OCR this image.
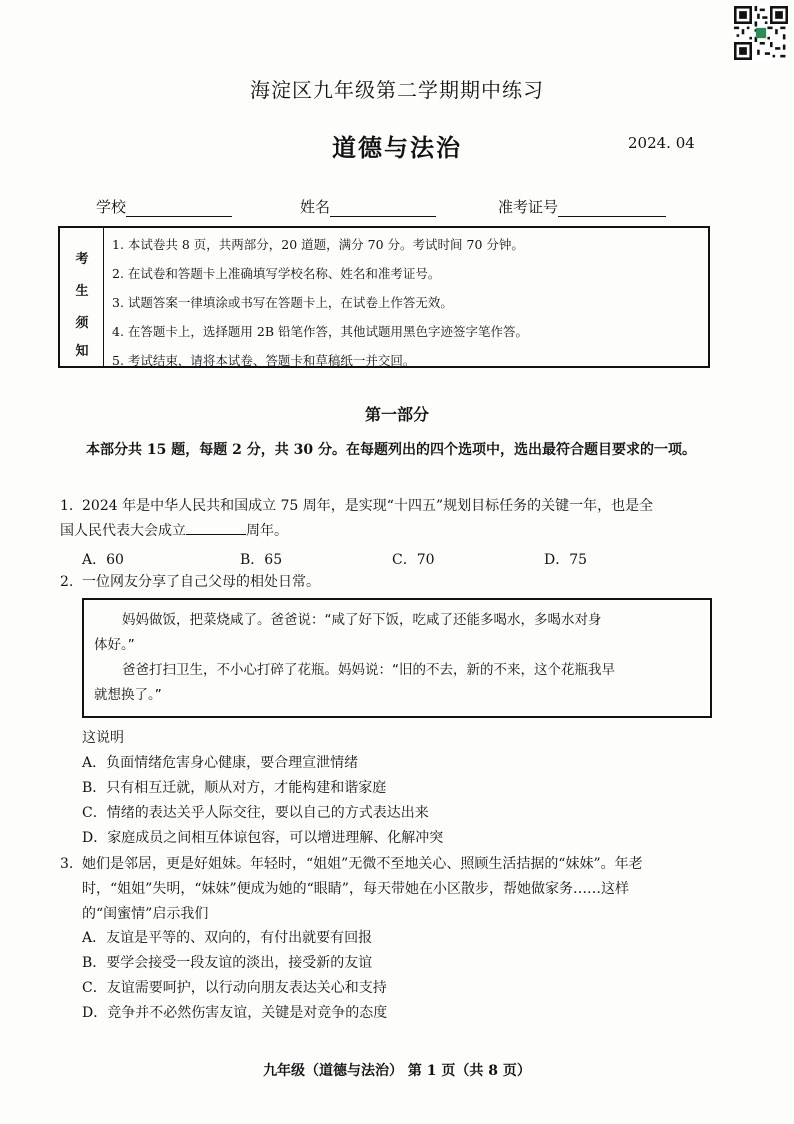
海淀区九年级第二学期期中练习
道德与法治	2024. 04
学校	姓名	准考证号
考
生
须
知
1. 本试卷共 8 页，共两部分，20 道题，满分 70 分。考试时间 70 分钟。
2. 在试卷和答题卡上准确填写学校名称、姓名和准考证号。
3. 试题答案一律填涂或书写在答题卡上，在试卷上作答无效。
4. 在答题卡上，选择题用 2B 铅笔作答，其他试题用黑色字迹签字笔作答。
5. 考试结束，请将本试卷、答题卡和草稿纸一并交回。
第一部分
本部分共 15 题，每题 2 分，共 30 分。在每题列出的四个选项中，选出最符合题目要求的一项。
1. 2024 年是中华人民共和国成立 75 周年，是实现“十四五”规划目标任务的关键一年，也是全
国人民代表大会成立	周年。
A．60	B．65	C．70	D．75
2. 一位网友分享了自己父母的相处日常。
妈妈做饭，把菜烧咸了。爸爸说：“咸了好下饭，吃咸了还能多喝水，多喝水对身
体好。”
爸爸打扫卫生，不小心打碎了花瓶。妈妈说：“旧的不去，新的不来，这个花瓶我早
就想换了。”
这说明
A．负面情绪危害身心健康，要合理宣泄情绪
B．只有相互迁就，顺从对方，才能构建和谐家庭
C．情绪的表达关乎人际交往，要以自己的方式表达出来
D．家庭成员之间相互体谅包容，可以增进理解、化解冲突
3. 她们是邻居，更是好姐妹。年轻时，“姐姐”无微不至地关心、照顾生活拮据的“妹妹”。年老
时，“姐姐”失明，“妹妹”便成为她的“眼睛”，每天带她在小区散步，帮她做家务……这样
的“闺蜜情”启示我们
A．友谊是平等的、双向的，有付出就要有回报
B．要学会接受一段友谊的淡出，接受新的友谊
C．友谊需要呵护，以行动向朋友表达关心和支持
D．竞争并不必然伤害友谊，关键是对竞争的态度
九年级（道德与法治） 第 1 页（共 8 页）
